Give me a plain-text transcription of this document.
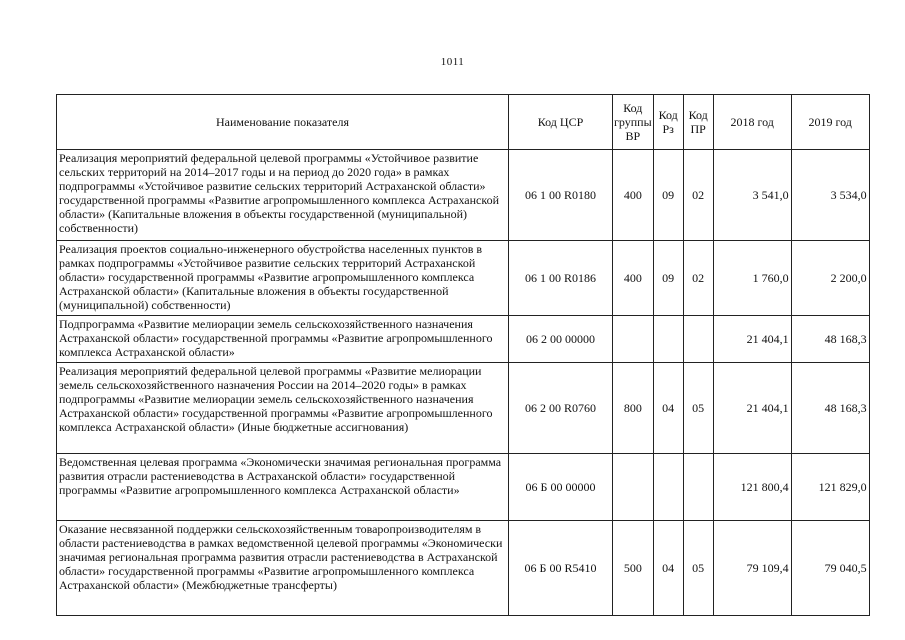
1011
Наименование показателя	Код ЦСР	Код группы ВР	Код Рз	Код ПР	2018 год	2019 год
Реализация мероприятий федеральной целевой программы «Устойчивое развитие сельских территорий на 2014–2017 годы и на период до 2020 года» в рамках подпрограммы «Устойчивое развитие сельских территорий Астраханской области» государственной программы «Развитие агропромышленного комплекса Астраханской области» (Капитальные вложения в объекты государственной (муниципальной) собственности)	06 1 00 R0180	400	09	02	3 541,0	3 534,0
Реализация проектов социально-инженерного обустройства населенных пунктов в рамках подпрограммы «Устойчивое развитие сельских территорий Астраханской области» государственной программы «Развитие агропромышленного комплекса Астраханской области» (Капитальные вложения в объекты государственной (муниципальной) собственности)	06 1 00 R0186	400	09	02	1 760,0	2 200,0
Подпрограмма «Развитие мелиорации земель сельскохозяйственного назначения Астраханской области» государственной программы «Развитие агропромышленного комплекса Астраханской области»	06 2 00 00000				21 404,1	48 168,3
Реализация мероприятий федеральной целевой программы «Развитие мелиорации земель сельскохозяйственного назначения России на 2014–2020 годы» в рамках подпрограммы «Развитие мелиорации земель сельскохозяйственного назначения Астраханской области» государственной программы «Развитие агропромышленного комплекса Астраханской области» (Иные бюджетные ассигнования)	06 2 00 R0760	800	04	05	21 404,1	48 168,3
Ведомственная целевая программа «Экономически значимая региональная программа развития отрасли растениеводства в Астраханской области» государственной программы «Развитие агропромышленного комплекса Астраханской области»	06 Б 00 00000				121 800,4	121 829,0
Оказание несвязанной поддержки сельскохозяйственным товаропроизводителям в области растениеводства в рамках ведомственной целевой программы «Экономически значимая региональная программа развития отрасли растениеводства в Астраханской области» государственной программы «Развитие агропромышленного комплекса Астраханской области» (Межбюджетные трансферты)	06 Б 00 R5410	500	04	05	79 109,4	79 040,5
